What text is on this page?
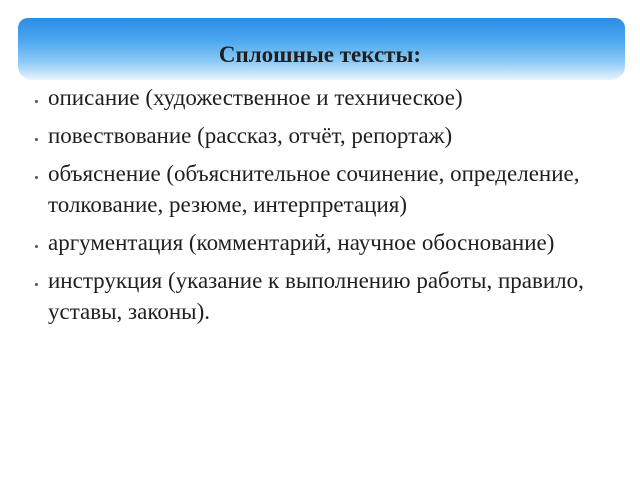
Сплошные тексты:
описание (художественное и техническое)
повествование (рассказ, отчёт, репортаж)
объяснение (объяснительное сочинение, определение, толкование, резюме, интерпретация)
аргументация (комментарий, научное обоснование)
инструкция (указание к выполнению работы, правило, уставы, законы).
